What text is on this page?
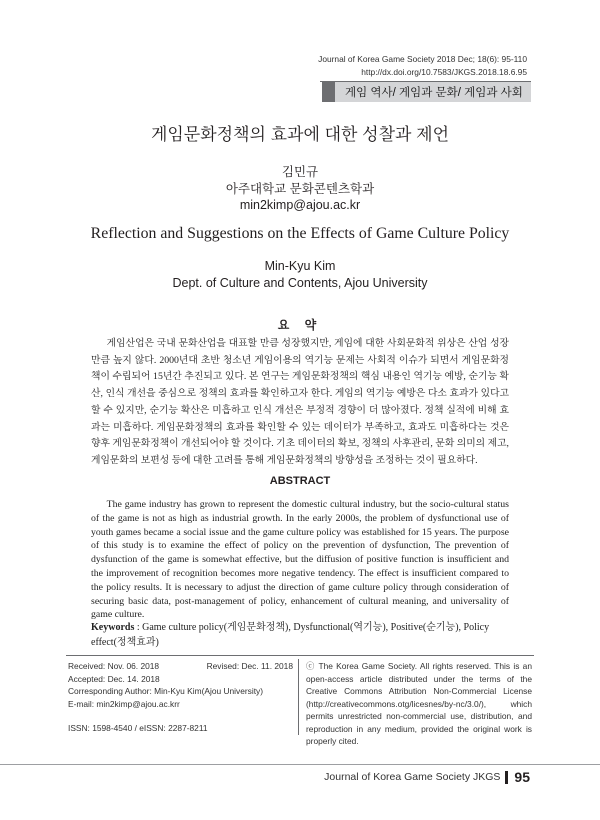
Journal of Korea Game Society 2018 Dec; 18(6): 95-110
http://dx.doi.org/10.7583/JKGS.2018.18.6.95
게임 역사/ 게임과 문화/ 게임과 사회
게임문화정책의 효과에 대한 성찰과 제언
김민규
아주대학교 문화콘텐츠학과
min2kimp@ajou.ac.kr
Reflection and Suggestions on the Effects of Game Culture Policy
Min-Kyu Kim
Dept. of Culture and Contents, Ajou University
요 약

게임산업은 국내 문화산업을 대표할 만큼 성장했지만, 게임에 대한 사회문화적 위상은 산업 성장만큼 높지 않다. 2000년대 초반 청소년 게임이용의 역기능 문제는 사회적 이슈가 되면서 게임문화정책이 수립되어 15년간 추진되고 있다. 본 연구는 게임문화정책의 핵심 내용인 역기능 예방, 순기능 확산, 인식 개선을 중심으로 정책의 효과를 확인하고자 한다. 게임의 역기능 예방은 다소 효과가 있다고 할 수 있지만, 순기능 확산은 미흡하고 인식 개선은 부정적 경향이 더 많아졌다. 정책 실적에 비해 효과는 미흡하다. 게임문화정책의 효과를 확인할 수 있는 데이터가 부족하고, 효과도 미흡하다는 것은 향후 게임문화정책이 개선되어야 할 것이다. 기초 데이터의 확보, 정책의 사후관리, 문화 의미의 제고, 게임문화의 보편성 등에 대한 고려를 통해 게임문화정책의 방향성을 조정하는 것이 필요하다.

ABSTRACT

The game industry has grown to represent the domestic cultural industry, but the socio-cultural status of the game is not as high as industrial growth. In the early 2000s, the problem of dysfunctional use of youth games became a social issue and the game culture policy was established for 15 years. The purpose of this study is to examine the effect of policy on the prevention of dysfunction, The prevention of dysfunction of the game is somewhat effective, but the diffusion of positive function is insufficient and the improvement of recognition becomes more negative tendency. The effect is insufficient compared to the policy results. It is necessary to adjust the direction of game culture policy through consideration of securing basic data, post-management of policy, enhancement of cultural meaning, and universality of game culture.

Keywords : Game culture policy(게임문화정책), Dysfunctional(역기능), Positive(순기능), Policy effect(정책효과)

Received: Nov. 06. 2018	Revised: Dec. 11. 2018
Accepted: Dec. 14. 2018
Corresponding Author: Min-Kyu Kim(Ajou University)
E-mail: min2kimp@ajou.ac.krr
ISSN: 1598-4540 / eISSN: 2287-8211

ⓒ The Korea Game Society. All rights reserved. This is an open-access article distributed under the terms of the Creative Commons Attribution Non-Commercial License (http://creativecommons.otg/licesnes/by-nc/3.0/), which permits unrestricted non-commercial use, distribution, and reproduction in any medium, provided the original work is properly cited.

Journal of Korea Game Society JKGS 95
